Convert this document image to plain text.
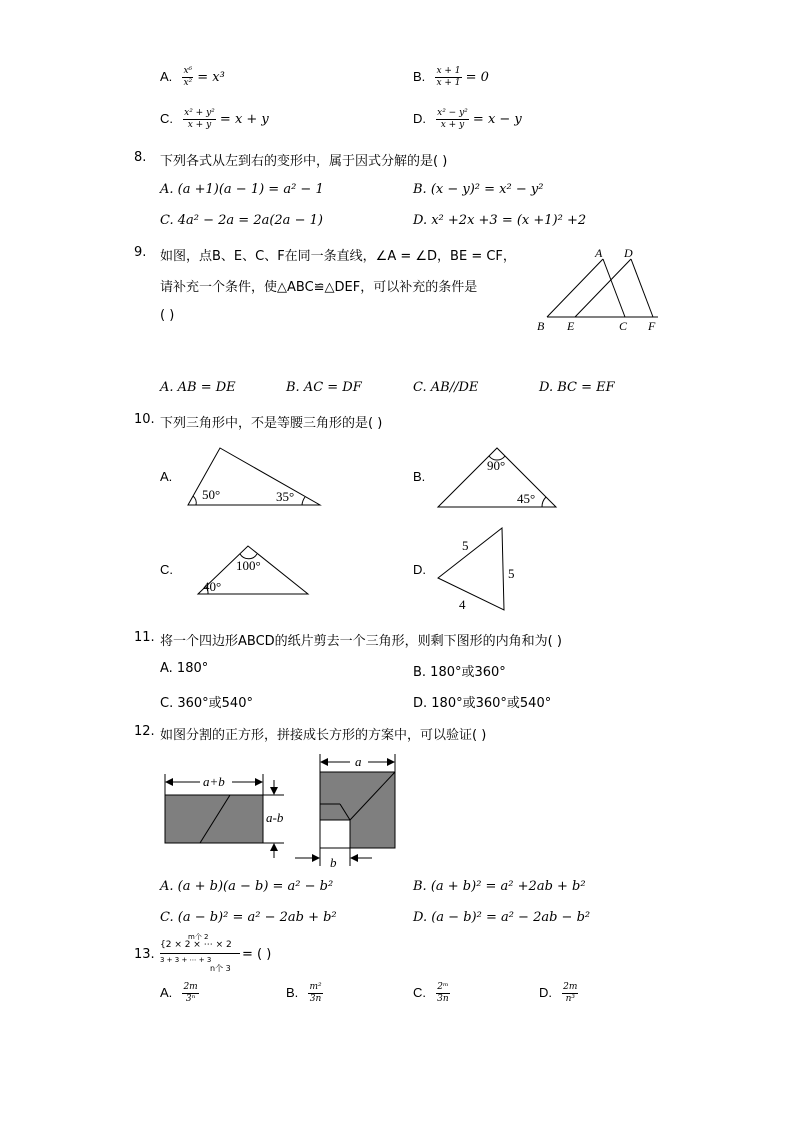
A. $\frac{\text{x⁶}}{\text{x²}} = x^3$	B. $\frac{x + 1}{x + 1} = 0$
C. $\frac{\text{x² + y²}}{x + y} = x + y$	D. $\frac{\text{x² − y²}}{x + y} = x - y$
8. 下列各式从左到右的变形中，属于因式分解的是( )
A. (a +1)(a − 1) = a² − 1	B. (x − y)² = x² − y²
C. 4a² − 2a = 2a(2a − 1)	D. x² +2x +3 = (x +1)² +2
9. 如图，点B、E、C、F在同一条直线，∠A = ∠D，BE = CF，
请补充一个条件，使△ABC≌△DEF，可以补充的条件是
( )
A D
B E	C F
A. AB = DE	B. AC = DF	C. AB//DE	D. BC = EF
10. 下列三角形中，不是等腰三角形的是( )
A.
50°	35°
B.
90°
45°
C.	100°
40°
D.
5
5
4
11. 将一个四边形ABCD的纸片剪去一个三角形，则剩下图形的内角和为( )
A. 180°	B. 180°或360°
C. 360°或540°	D. 180°或360°或540°
12. 如图分割的正方形，拼接成长方形的方案中，可以验证( )
a+b
a-b
a
b
A. (a + b)(a − b) = a² − b²	B. (a + b)² = a² +2ab + b²
C. (a − b)² = a² − 2ab + b²	D. (a − b)² = a² − 2ab − b²
13.
m个 2
{2 × 2 × ⋯ × 2
3 + 3 + ⋯ + 3
n个 3
= ( )
A. $\frac{2m}{\text{3ⁿ}}$	B. $\frac{\text{m²}}{3n}$	C. $\frac{\text{2ᵐ}}{3n}$	D. $\frac{2m}{\text{n³}}$
